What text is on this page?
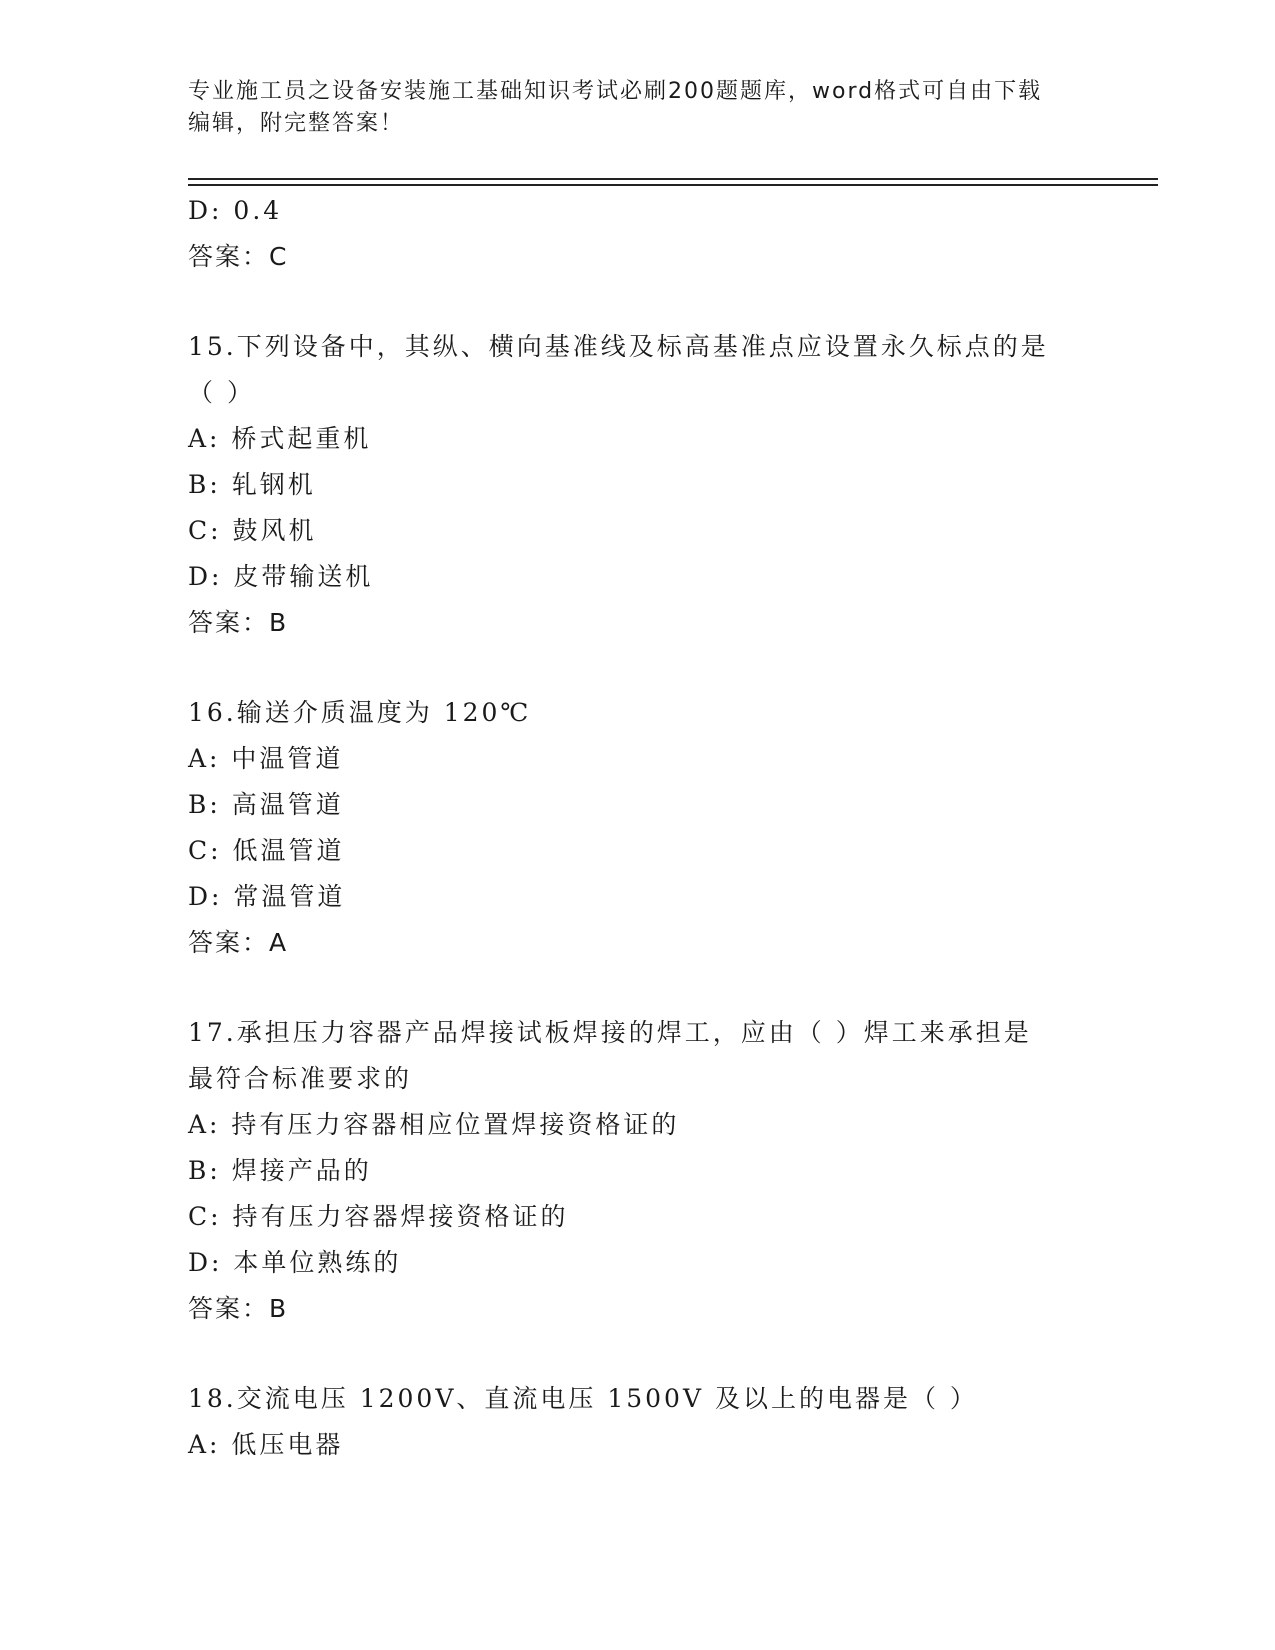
专业施工员之设备安装施工基础知识考试必刷200题题库，word格式可自由下载
编辑，附完整答案！
D: 0.4
答案：C
15.下列设备中，其纵、横向基准线及标高基准点应设置永久标点的是
（ ）
A: 桥式起重机
B: 轧钢机
C: 鼓风机
D: 皮带输送机
答案：B
16.输送介质温度为 120℃
A: 中温管道
B: 高温管道
C: 低温管道
D: 常温管道
答案：A
17.承担压力容器产品焊接试板焊接的焊工，应由（ ）焊工来承担是
最符合标准要求的
A: 持有压力容器相应位置焊接资格证的
B: 焊接产品的
C: 持有压力容器焊接资格证的
D: 本单位熟练的
答案：B
18.交流电压 1200V、直流电压 1500V 及以上的电器是（ ）
A: 低压电器
